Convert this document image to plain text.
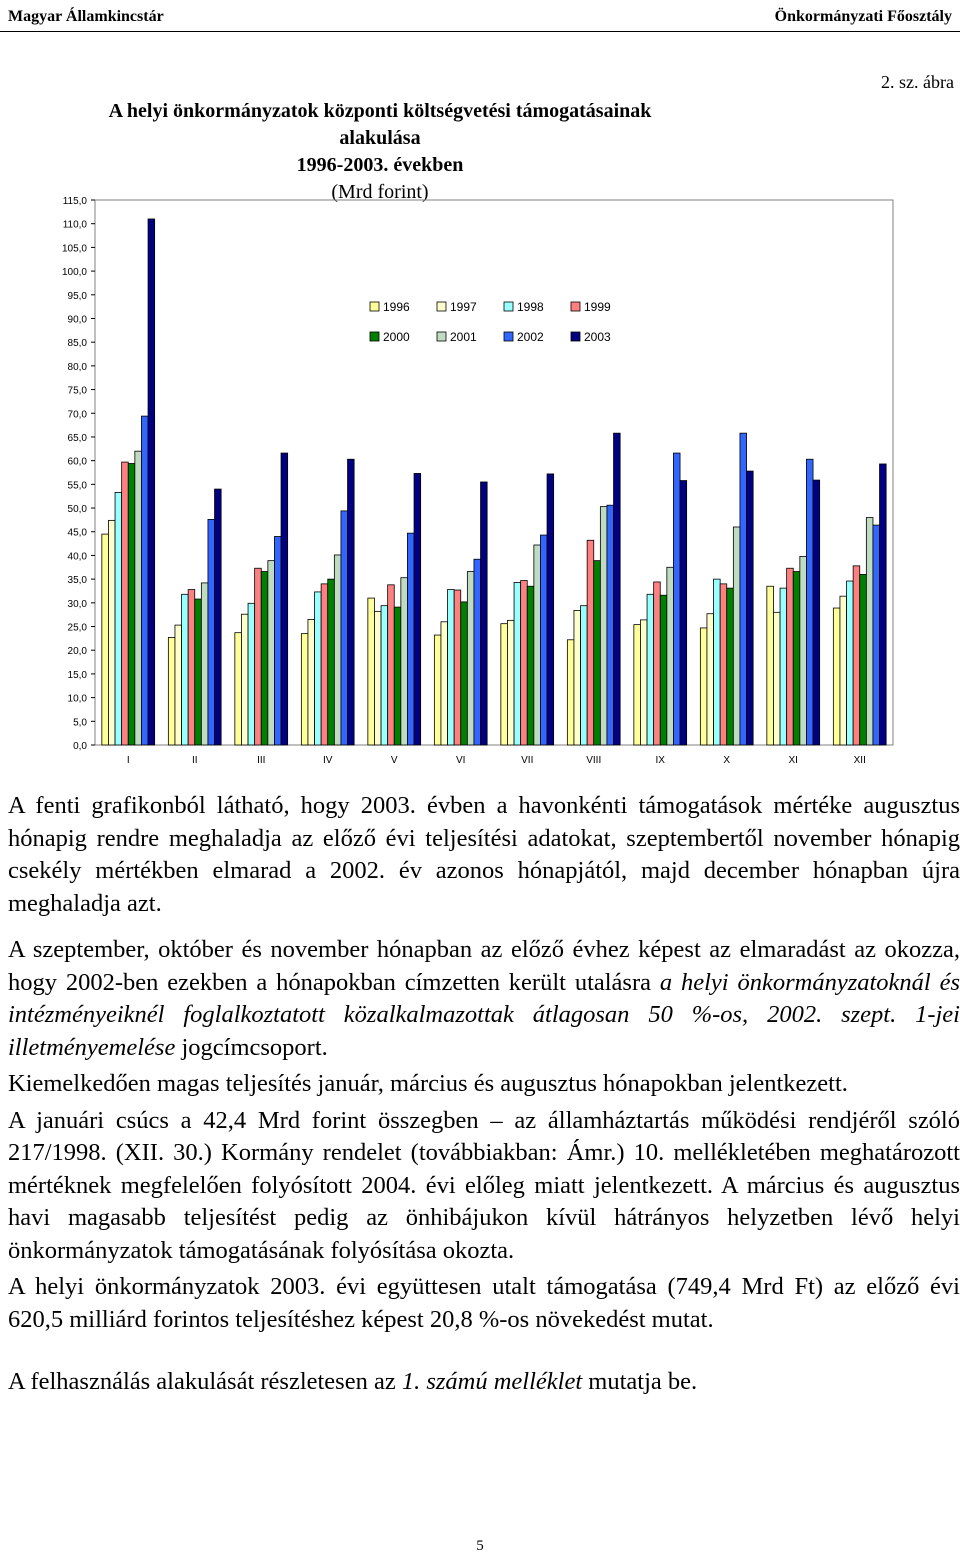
Magyar Államkincstár	Önkormányzati Főosztály
2. sz. ábra
A helyi önkormányzatok központi költségvetési támogatásainak alakulása
1996-2003. években
(Mrd forint)
0,0
5,0
10,0
15,0
20,0
25,0
30,0
35,0
40,0
45,0
50,0
55,0
60,0
65,0
70,0
75,0
80,0
85,0
90,0
95,0
100,0
105,0
110,0
115,0
I	II	III	IV	V	VI	VII	VIII	IX	X	XI	XII
1996	1997	1998	1999
2000	2001	2002	2003

A fenti grafikonból látható, hogy 2003. évben a havonkénti támogatások mértéke augusztus hónapig rendre meghaladja az előző évi teljesítési adatokat, szeptembertől november hónapig csekély mértékben elmarad a 2002. év azonos hónapjától, majd december hónapban újra meghaladja azt.

A szeptember, október és november hónapban az előző évhez képest az elmaradást az okozza, hogy 2002-ben ezekben a hónapokban címzetten került utalásra a helyi önkormányzatoknál és intézményeiknél foglalkoztatott közalkalmazottak átlagosan 50 %-os, 2002. szept. 1-jei illetményemelése jogcímcsoport.

Kiemelkedően magas teljesítés január, március és augusztus hónapokban jelentkezett.

A januári csúcs a 42,4 Mrd forint összegben – az államháztartás működési rendjéről szóló 217/1998. (XII. 30.) Kormány rendelet (továbbiakban: Ámr.) 10. mellékletében meghatározott mértéknek megfelelően folyósított 2004. évi előleg miatt jelentkezett. A március és augusztus havi magasabb teljesítést pedig az önhibájukon kívül hátrányos helyzetben lévő helyi önkormányzatok támogatásának folyósítása okozta.

A helyi önkormányzatok 2003. évi együttesen utalt támogatása (749,4 Mrd Ft) az előző évi 620,5 milliárd forintos teljesítéshez képest 20,8 %-os növekedést mutat.

A felhasználás alakulását részletesen az 1. számú melléklet mutatja be.

5
